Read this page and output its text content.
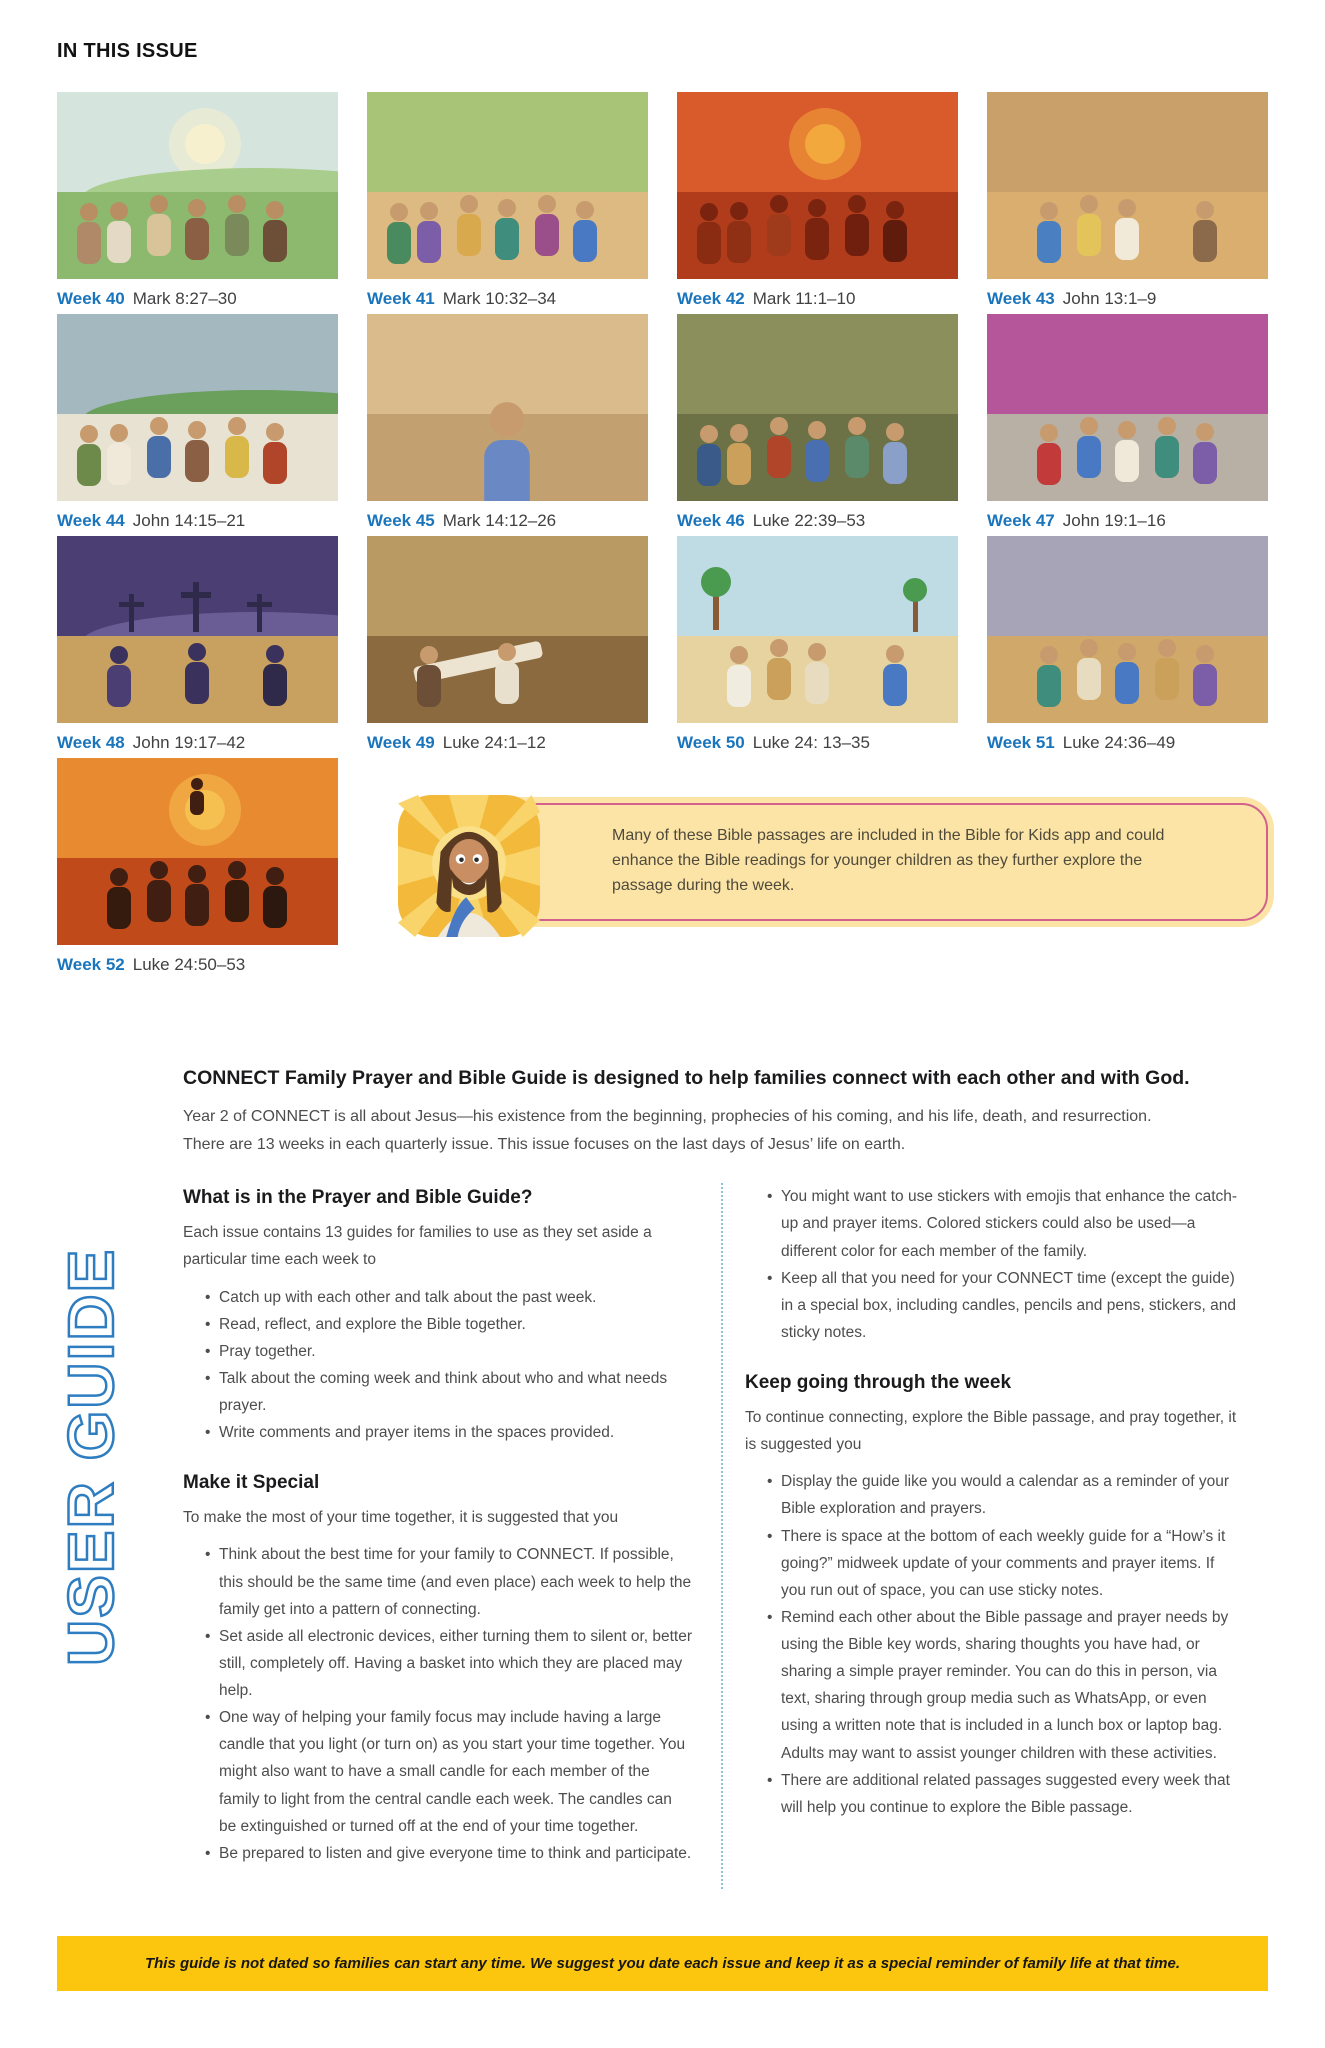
IN THIS ISSUE
Week 40 Mark 8:27–30	Week 41 Mark 10:32–34	Week 42 Mark 11:1–10	Week 43 John 13:1–9
Week 44 John 14:15–21	Week 45 Mark 14:12–26	Week 46 Luke 22:39–53	Week 47 John 19:1–16
Week 48 John 19:17–42	Week 49 Luke 24:1–12	Week 50 Luke 24: 13–35	Week 51 Luke 24:36–49
Week 52 Luke 24:50–53

Many of these Bible passages are included in the Bible for Kids app and could enhance the Bible readings for younger children as they further explore the passage during the week.

USER GUIDE
CONNECT Family Prayer and Bible Guide is designed to help families connect with each other and with God.

Year 2 of CONNECT is all about Jesus—his existence from the beginning, prophecies of his coming, and his life, death, and resurrection. There are 13 weeks in each quarterly issue. This issue focuses on the last days of Jesus’ life on earth.

What is in the Prayer and Bible Guide?

Each issue contains 13 guides for families to use as they set aside a particular time each week to

• Catch up with each other and talk about the past week.
• Read, reflect, and explore the Bible together.
• Pray together.
• Talk about the coming week and think about who and what needs prayer.
• Write comments and prayer items in the spaces provided.
Make it Special

To make the most of your time together, it is suggested that you

• Think about the best time for your family to CONNECT. If possible, this should be the same time (and even place) each week to help the family get into a pattern of connecting.
• Set aside all electronic devices, either turning them to silent or, better still, completely off. Having a basket into which they are placed may help.
• One way of helping your family focus may include having a large candle that you light (or turn on) as you start your time together. You might also want to have a small candle for each member of the family to light from the central candle each week. The candles can be extinguished or turned off at the end of your time together.
• Be prepared to listen and give everyone time to think and participate.
• You might want to use stickers with emojis that enhance the catch-up and prayer items. Colored stickers could also be used—a different color for each member of the family.
• Keep all that you need for your CONNECT time (except the guide) in a special box, including candles, pencils and pens, stickers, and sticky notes.
Keep going through the week

To continue connecting, explore the Bible passage, and pray together, it is suggested you

• Display the guide like you would a calendar as a reminder of your Bible exploration and prayers.
• There is space at the bottom of each weekly guide for a “How’s it going?” midweek update of your comments and prayer items. If you run out of space, you can use sticky notes.
• Remind each other about the Bible passage and prayer needs by using the Bible key words, sharing thoughts you have had, or sharing a simple prayer reminder. You can do this in person, via text, sharing through group media such as WhatsApp, or even using a written note that is included in a lunch box or laptop bag. Adults may want to assist younger children with these activities.
• There are additional related passages suggested every week that will help you continue to explore the Bible passage.

This guide is not dated so families can start any time. We suggest you date each issue and keep it as a special reminder of family life at that time.
